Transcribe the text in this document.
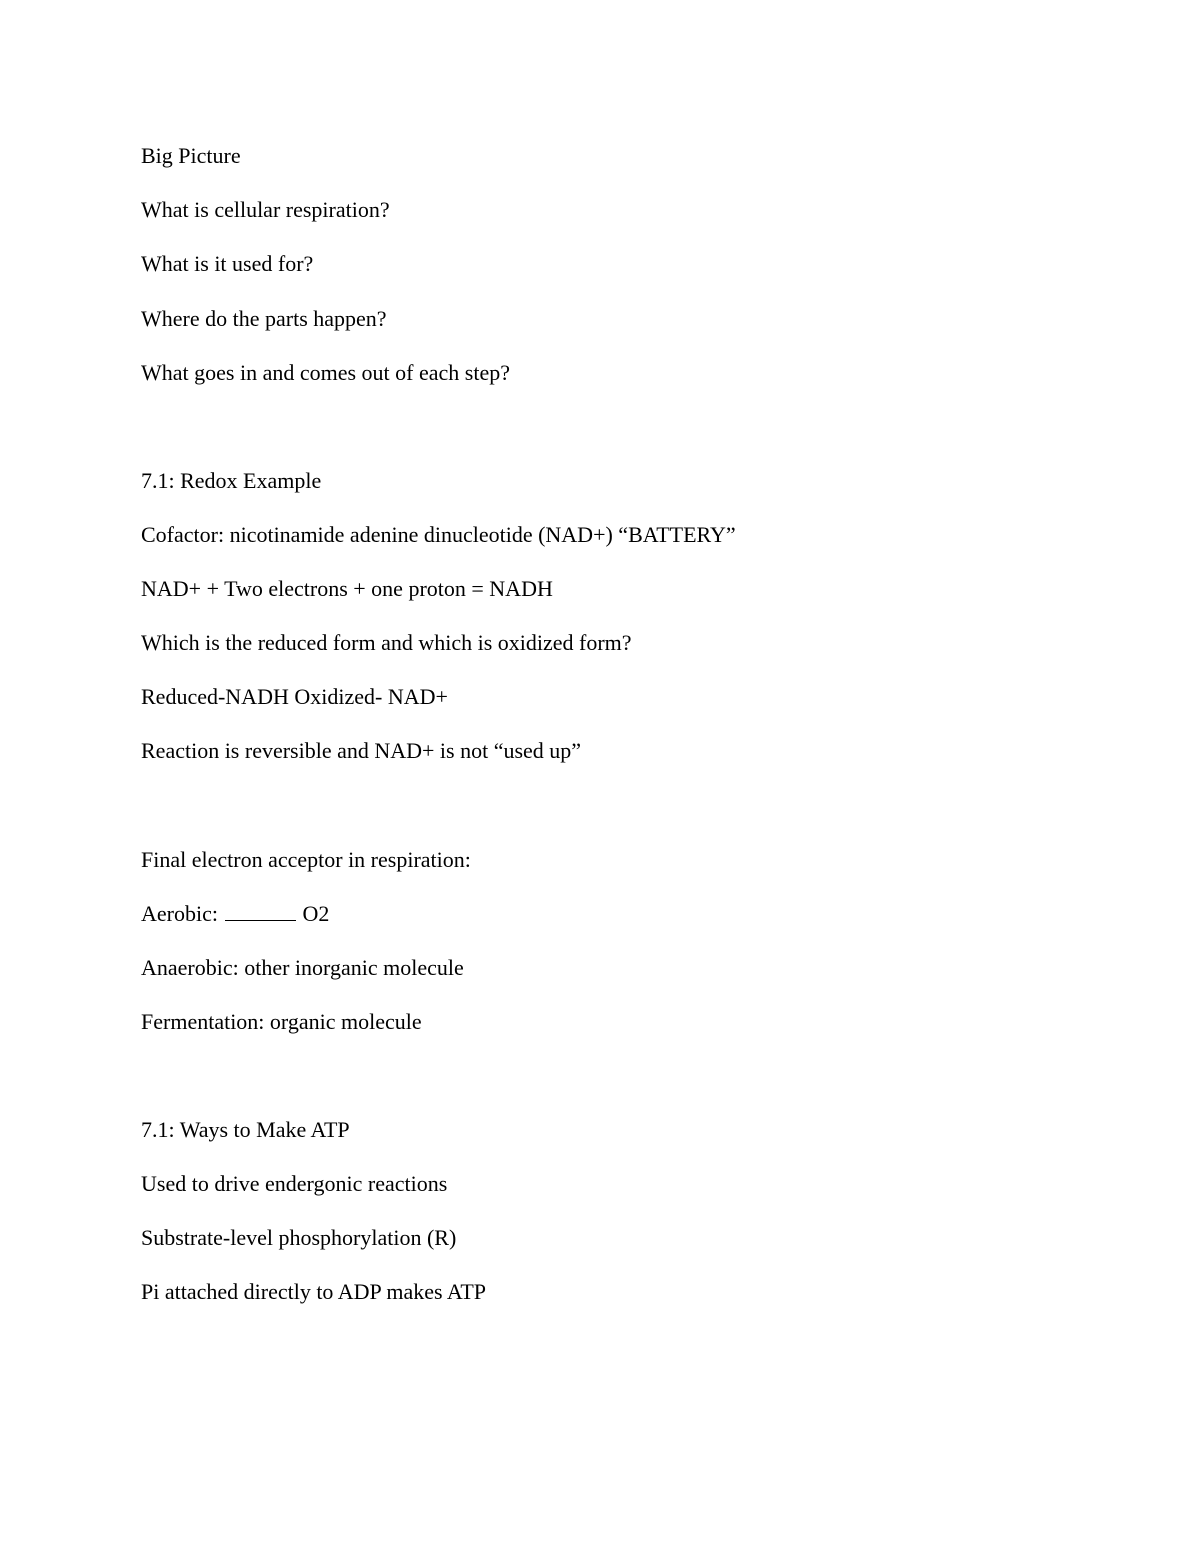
Big Picture

What is cellular respiration?

What is it used for?

Where do the parts happen?

What goes in and comes out of each step?

7.1: Redox Example

Cofactor: nicotinamide adenine dinucleotide (NAD+) “BATTERY”

NAD+ + Two electrons + one proton = NADH

Which is the reduced form and which is oxidized form?

Reduced-NADH Oxidized- NAD+

Reaction is reversible and NAD+ is not “used up”

Final electron acceptor in respiration:

Aerobic:	O2

Anaerobic: other inorganic molecule

Fermentation: organic molecule

7.1: Ways to Make ATP

Used to drive endergonic reactions

Substrate-level phosphorylation (R)

Pi attached directly to ADP makes ATP
